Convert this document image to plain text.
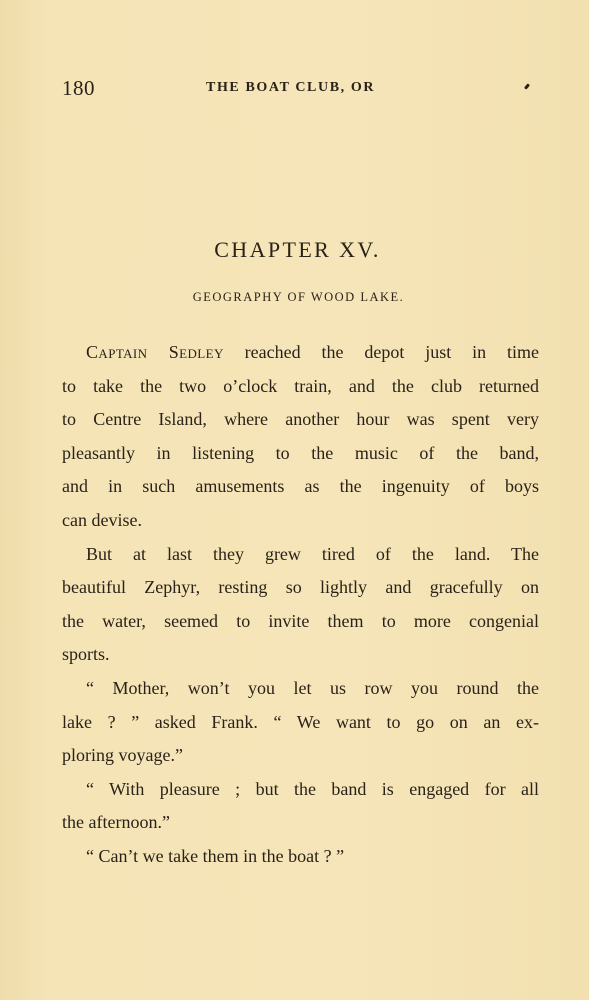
180	THE BOAT CLUB, OR
CHAPTER XV.
GEOGRAPHY OF WOOD LAKE.
Captain Sedley reached the depot just in time
to take the two o’clock train, and the club returned
to Centre Island, where another hour was spent very
pleasantly in listening to the music of the band,
and in such amusements as the ingenuity of boys
can devise.
But at last they grew tired of the land. The
beautiful Zephyr, resting so lightly and gracefully on
the water, seemed to invite them to more congenial
sports.
“ Mother, won’t you let us row you round the
lake ? ” asked Frank. “ We want to go on an ex-
ploring voyage.”
“ With pleasure ; but the band is engaged for all
the afternoon.”
“ Can’t we take them in the boat ? ”
